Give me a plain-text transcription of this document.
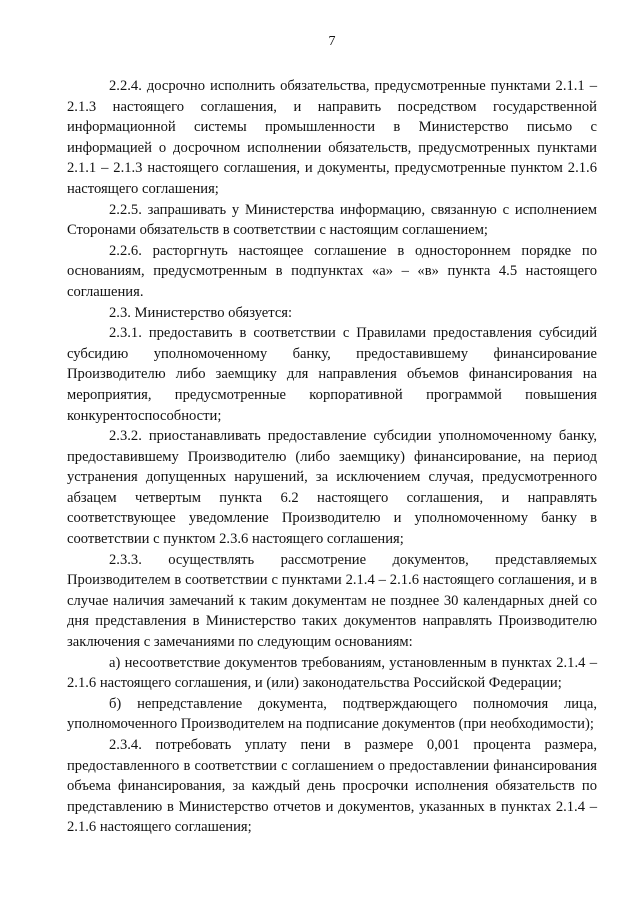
7

2.2.4. досрочно исполнить обязательства, предусмотренные пунктами 2.1.1 – 2.1.3 настоящего соглашения, и направить посредством государственной информационной системы промышленности в Министерство письмо с информацией о досрочном исполнении обязательств, предусмотренных пунктами 2.1.1 – 2.1.3 настоящего соглашения, и документы, предусмотренные пунктом 2.1.6 настоящего соглашения;

2.2.5. запрашивать у Министерства информацию, связанную с исполнением Сторонами обязательств в соответствии с настоящим соглашением;

2.2.6. расторгнуть настоящее соглашение в одностороннем порядке по основаниям, предусмотренным в подпунктах «а» – «в» пункта 4.5 настоящего соглашения.

2.3. Министерство обязуется:

2.3.1. предоставить в соответствии с Правилами предоставления субсидий субсидию уполномоченному банку, предоставившему финансирование Производителю либо заемщику для направления объемов финансирования на мероприятия, предусмотренные корпоративной программой повышения конкурентоспособности;

2.3.2. приостанавливать предоставление субсидии уполномоченному банку, предоставившему Производителю (либо заемщику) финансирование, на период устранения допущенных нарушений, за исключением случая, предусмотренного абзацем четвертым пункта 6.2 настоящего соглашения, и направлять соответствующее уведомление Производителю и уполномоченному банку в соответствии с пунктом 2.3.6 настоящего соглашения;

2.3.3. осуществлять рассмотрение документов, представляемых Производителем в соответствии с пунктами 2.1.4 – 2.1.6 настоящего соглашения, и в случае наличия замечаний к таким документам не позднее 30 календарных дней со дня представления в Министерство таких документов направлять Производителю заключения с замечаниями по следующим основаниям:

а) несоответствие документов требованиям, установленным в пунктах 2.1.4 – 2.1.6 настоящего соглашения, и (или) законодательства Российской Федерации;

б) непредставление документа, подтверждающего полномочия лица, уполномоченного Производителем на подписание документов (при необходимости);

2.3.4. потребовать уплату пени в размере 0,001 процента размера, предоставленного в соответствии с соглашением о предоставлении финансирования объема финансирования, за каждый день просрочки исполнения обязательств по представлению в Министерство отчетов и документов, указанных в пунктах 2.1.4 – 2.1.6 настоящего соглашения;
